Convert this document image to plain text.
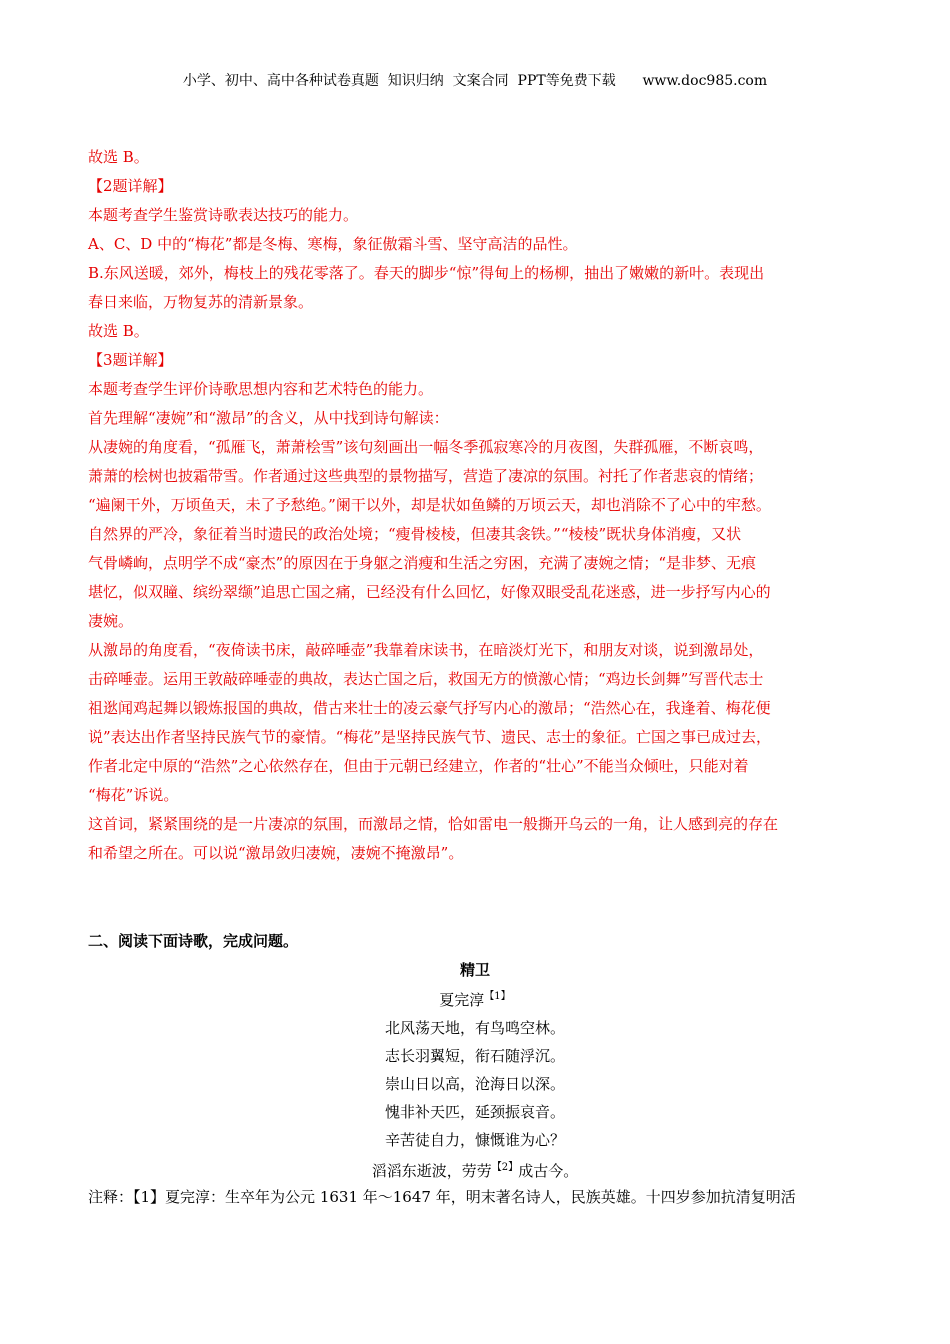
小学、初中、高中各种试卷真题  知识归纳  文案合同  PPT等免费下载      www.doc985.com

故选 B。

【2题详解】

本题考查学生鉴赏诗歌表达技巧的能力。

A、C、D 中的“梅花”都是冬梅、寒梅，象征傲霜斗雪、坚守高洁的品性。

B.东风送暖，郊外，梅枝上的残花零落了。春天的脚步“惊”得甸上的杨柳，抽出了嫩嫩的新叶。表现出

春日来临，万物复苏的清新景象。

故选 B。

【3题详解】

本题考查学生评价诗歌思想内容和艺术特色的能力。

首先理解“凄婉”和“激昂”的含义，从中找到诗句解读：

从凄婉的角度看，“孤雁飞，萧萧桧雪”该句刻画出一幅冬季孤寂寒冷的月夜图，失群孤雁，不断哀鸣，

萧萧的桧树也披霜带雪。作者通过这些典型的景物描写，营造了凄凉的氛围。衬托了作者悲哀的情绪；

“遍阑干外，万顷鱼天，未了予愁绝。”阑干以外，却是状如鱼鳞的万顷云天，却也消除不了心中的牢愁。

自然界的严冷，象征着当时遗民的政治处境；“瘦骨棱棱，但凄其衾铁。”“棱棱”既状身体消瘦，又状

气骨嶙峋，点明学不成“豪杰”的原因在于身躯之消瘦和生活之穷困，充满了凄婉之情；“是非梦、无痕

堪忆，似双瞳、缤纷翠缬”追思亡国之痛，已经没有什么回忆，好像双眼受乱花迷惑，进一步抒写内心的

凄婉。

从激昂的角度看，“夜倚读书床，敲碎唾壶”我靠着床读书，在暗淡灯光下，和朋友对谈，说到激昂处，

击碎唾壶。运用王敦敲碎唾壶的典故，表达亡国之后，救国无方的愤激心情；“鸡边长剑舞”写晋代志士

祖逖闻鸡起舞以锻炼报国的典故，借古来壮士的凌云豪气抒写内心的激昂；“浩然心在，我逢着、梅花便

说”表达出作者坚持民族气节的豪情。“梅花”是坚持民族气节、遗民、志士的象征。亡国之事已成过去，

作者北定中原的“浩然”之心依然存在，但由于元朝已经建立，作者的“壮心”不能当众倾吐，只能对着

“梅花”诉说。

这首词，紧紧围绕的是一片凄凉的氛围，而激昂之情，恰如雷电一般撕开乌云的一角，让人感到亮的存在

和希望之所在。可以说“激昂敛归凄婉，凄婉不掩激昂”。

二、阅读下面诗歌，完成问题。
精卫
夏完淳$^{【1】}$
北风荡天地，有鸟鸣空林。
志长羽翼短，衔石随浮沉。
崇山日以高，沧海日以深。
愧非补天匹，延颈振哀音。
辛苦徒自力，慷慨谁为心？
滔滔东逝波，劳劳$^{【2】}$成古今。
注释：【1】夏完淳：生卒年为公元 1631 年～1647 年，明末著名诗人，民族英雄。十四岁参加抗清复明活
